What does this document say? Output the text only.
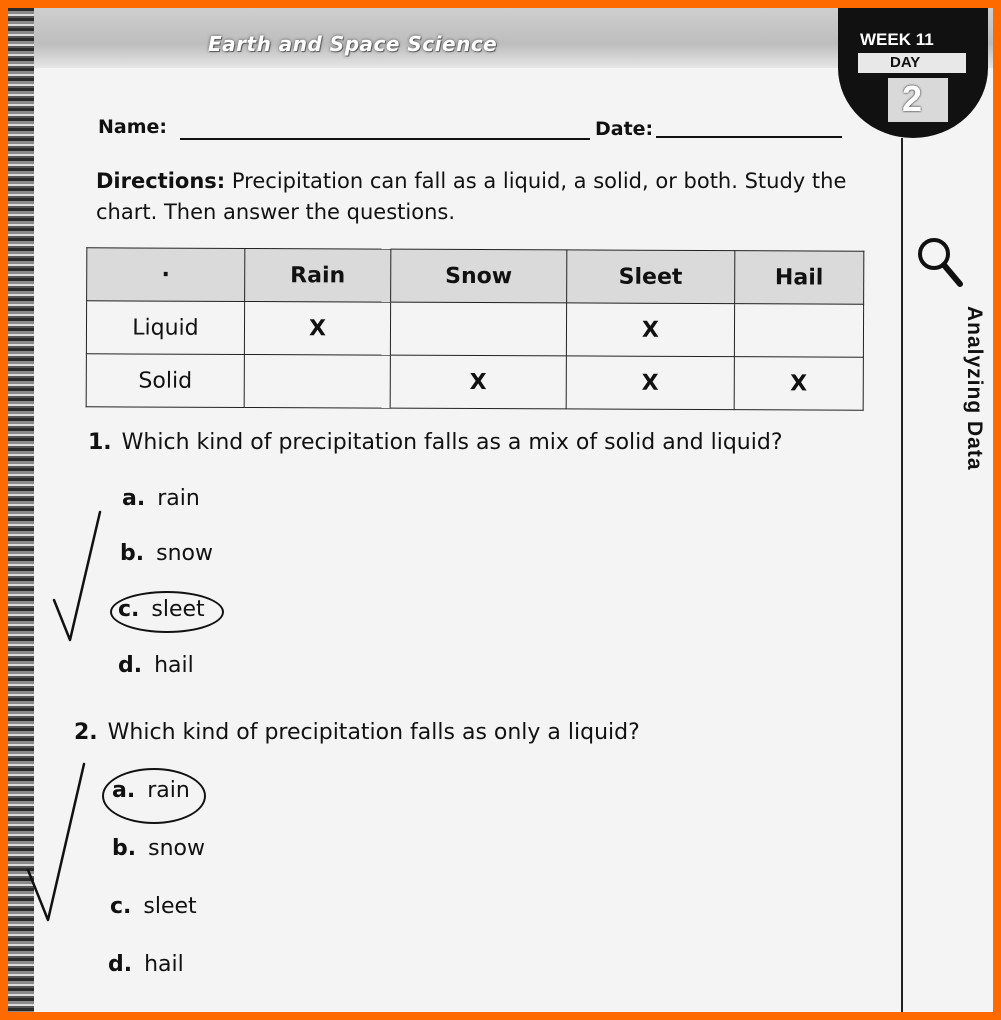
Earth and Space Science	WEEK 11
DAY
2
Analyzing Data
Name:	Date:
Directions: Precipitation can fall as a liquid, a solid, or both. Study the chart. Then answer the questions.
·	Rain	Snow	Sleet	Hail
Liquid	X		X	
Solid		X	X	X
1. Which kind of precipitation falls as a mix of solid and liquid?
a. rain
b. snow
c. sleet
d. hail
2. Which kind of precipitation falls as only a liquid?
a. rain
b. snow
c. sleet
d. hail
